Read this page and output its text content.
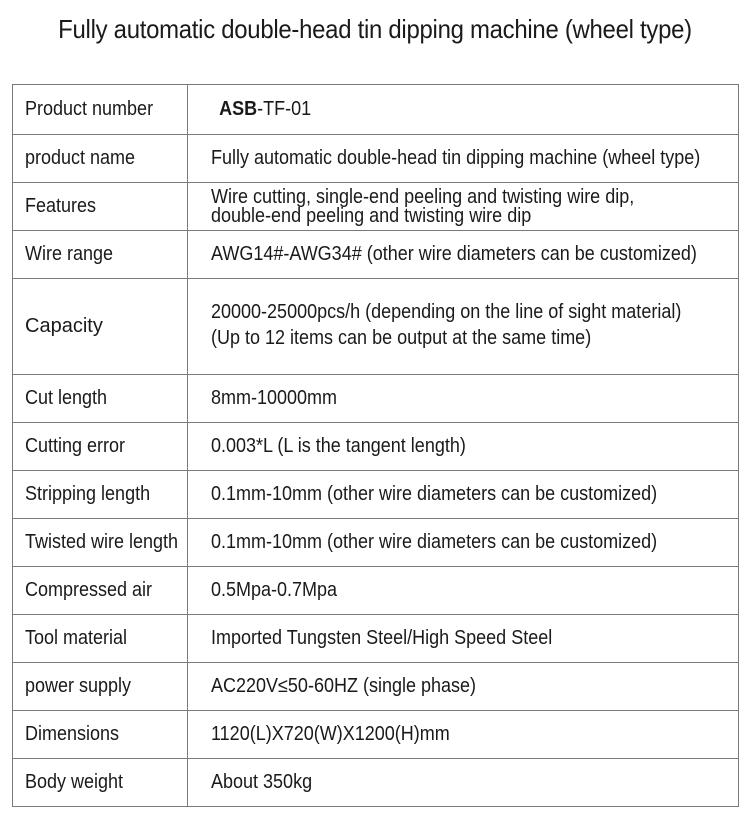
Fully automatic double-head tin dipping machine (wheel type)
Product number	ASB-TF-01
product name	Fully automatic double-head tin dipping machine (wheel type)
Features	Wire cutting, single-end peeling and twisting wire dip,
double-end peeling and twisting wire dip
Wire range	AWG14#-AWG34# (other wire diameters can be customized)
Capacity	20000-25000pcs/h (depending on the line of sight material)
(Up to 12 items can be output at the same time)
Cut length	8mm-10000mm
Cutting error	0.003*L (L is the tangent length)
Stripping length	0.1mm-10mm (other wire diameters can be customized)
Twisted wire length	0.1mm-10mm (other wire diameters can be customized)
Compressed air	0.5Mpa-0.7Mpa
Tool material	Imported Tungsten Steel/High Speed Steel
power supply	AC220V≤50-60HZ (single phase)
Dimensions	1120(L)X720(W)X1200(H)mm
Body weight	About 350kg
